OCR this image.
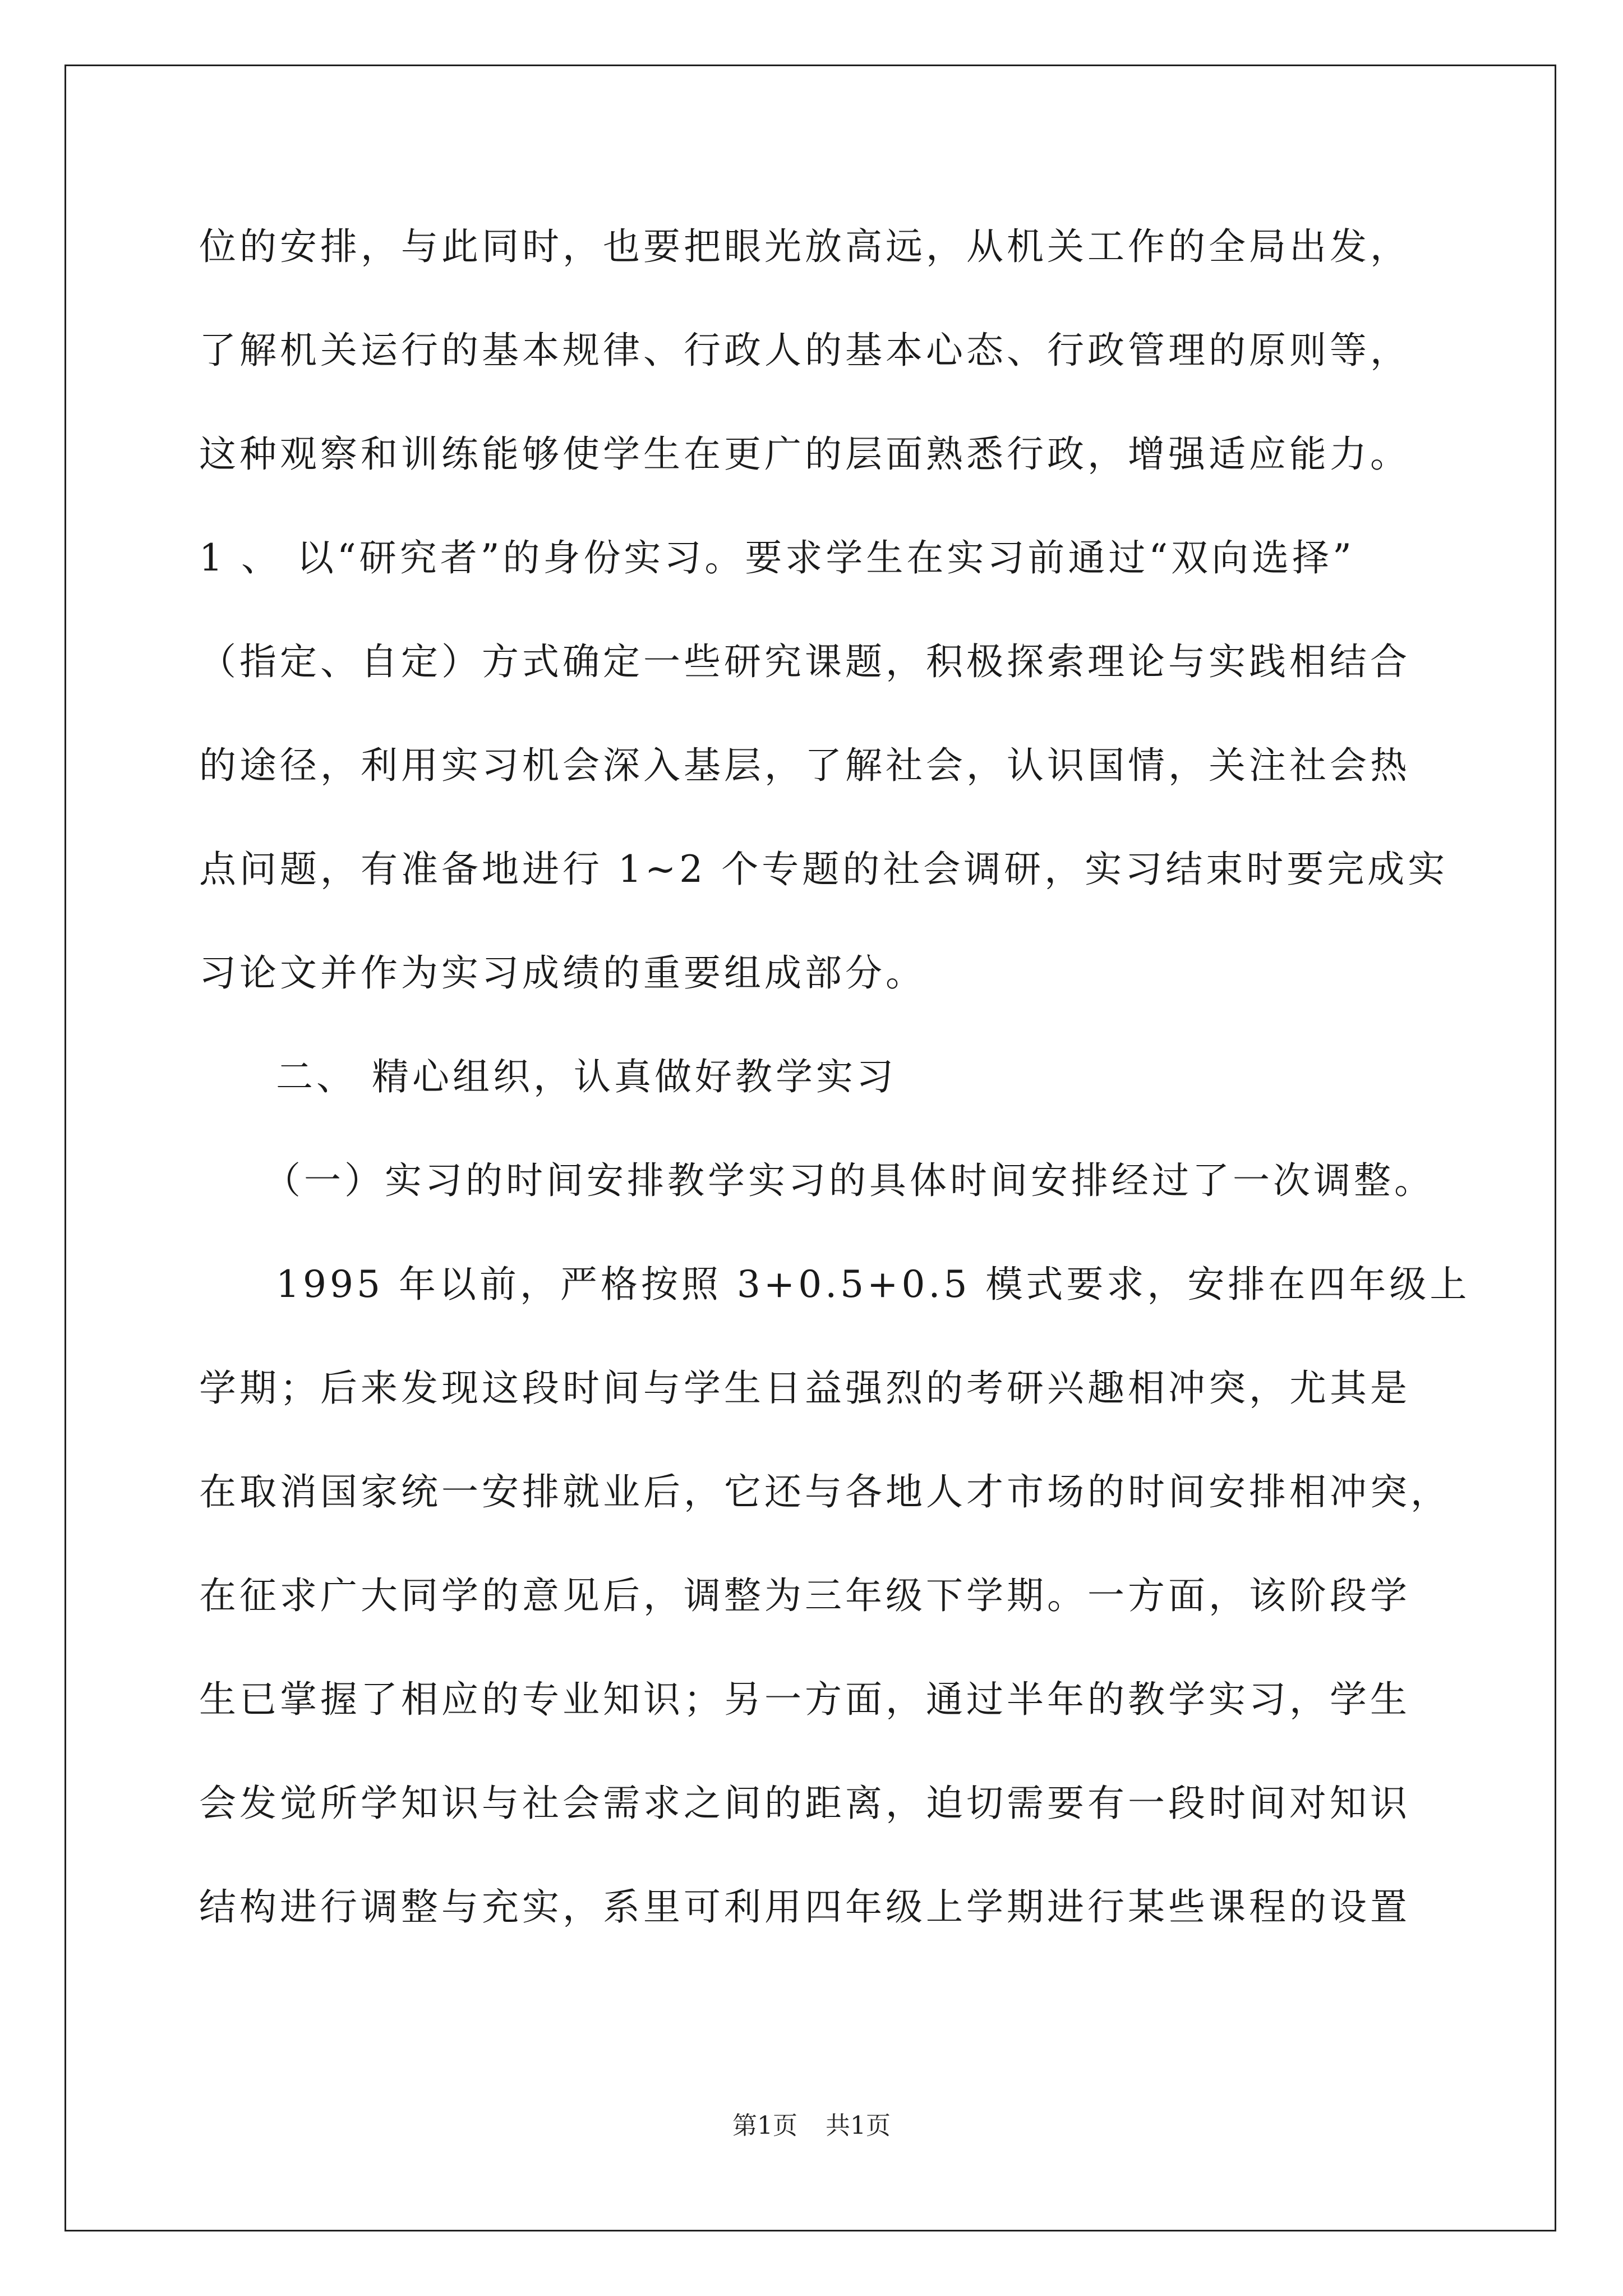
位的安排，与此同时，也要把眼光放高远，从机关工作的全局出发，
了解机关运行的基本规律、行政人的基本心态、行政管理的原则等，
这种观察和训练能够使学生在更广的层面熟悉行政，增强适应能力。
1 、 以“研究者”的身份实习。要求学生在实习前通过“双向选择”
（指定、自定）方式确定一些研究课题，积极探索理论与实践相结合
的途径，利用实习机会深入基层，了解社会，认识国情，关注社会热
点问题，有准备地进行 1~2 个专题的社会调研，实习结束时要完成实
习论文并作为实习成绩的重要组成部分。
二、 精心组织，认真做好教学实习
（一）实习的时间安排教学实习的具体时间安排经过了一次调整。
1995 年以前，严格按照 3+0.5+0.5 模式要求，安排在四年级上
学期；后来发现这段时间与学生日益强烈的考研兴趣相冲突，尤其是
在取消国家统一安排就业后，它还与各地人才市场的时间安排相冲突，
在征求广大同学的意见后，调整为三年级下学期。一方面，该阶段学
生已掌握了相应的专业知识；另一方面，通过半年的教学实习，学生
会发觉所学知识与社会需求之间的距离，迫切需要有一段时间对知识
结构进行调整与充实，系里可利用四年级上学期进行某些课程的设置
第1页 共1页
